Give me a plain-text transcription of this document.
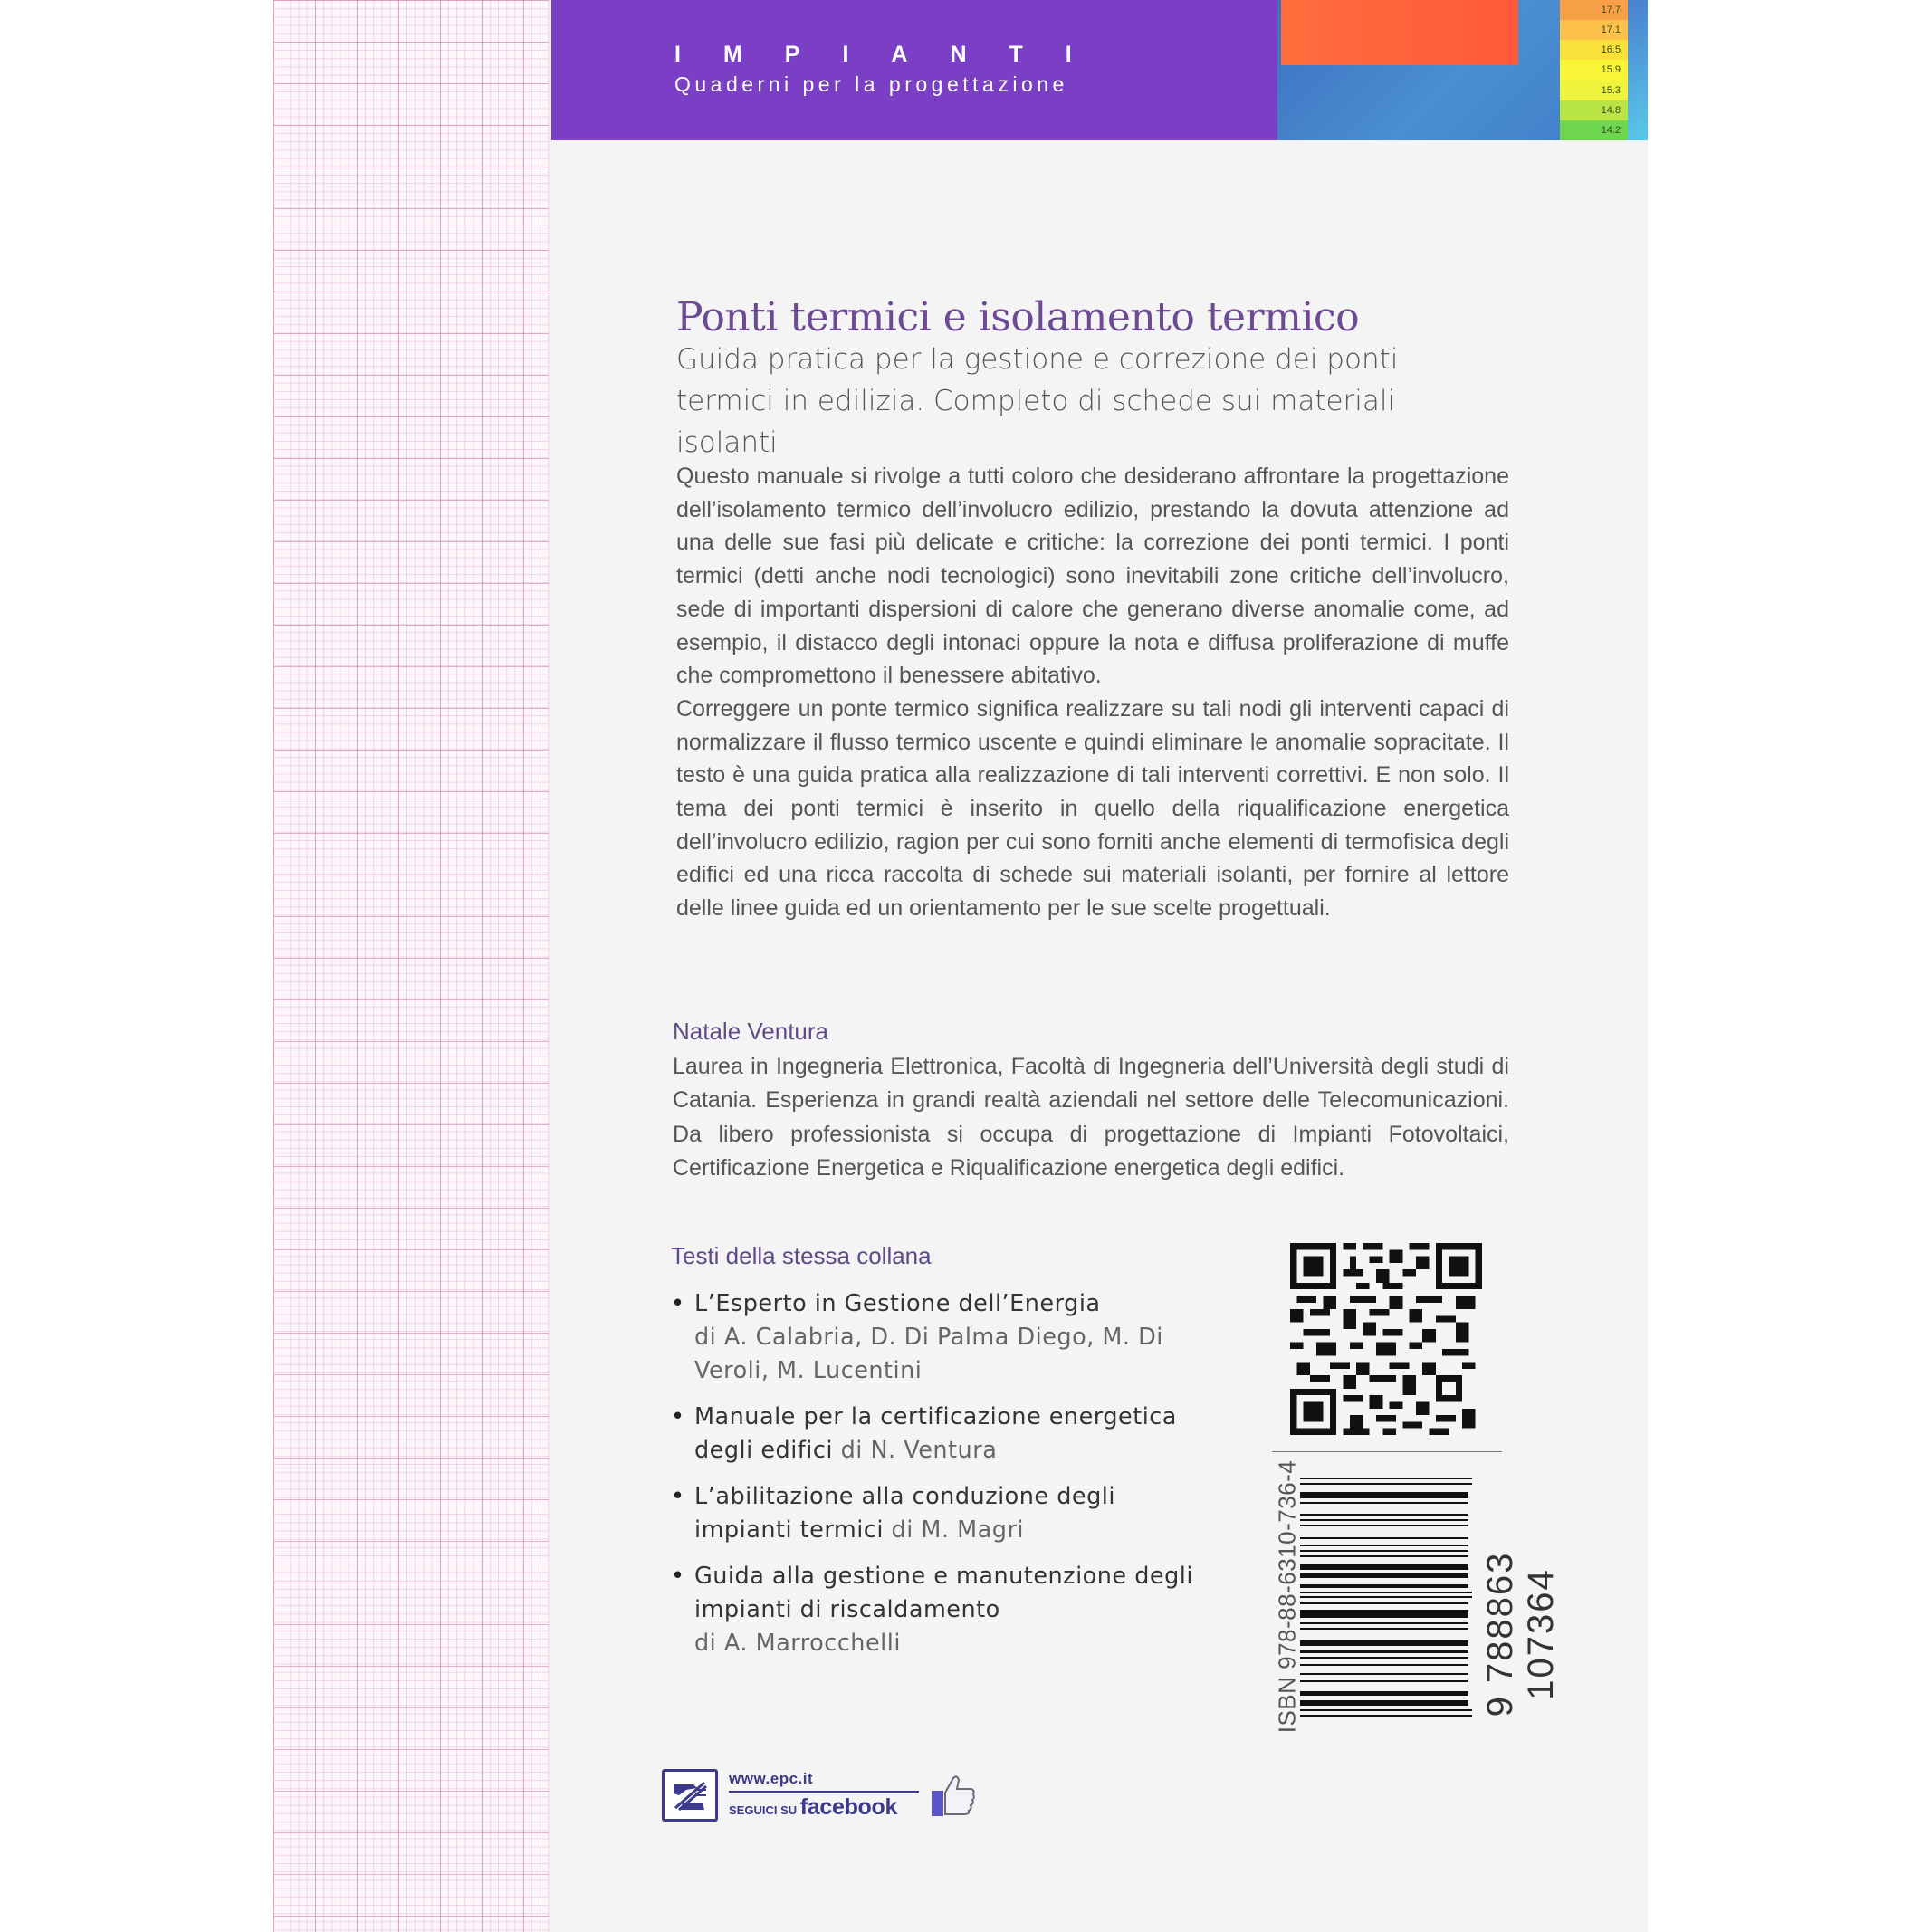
IMPIANTI
Quaderni per la progettazione
17.7
17.1
16.5
15.9
15.3
14.8
14.2
Ponti termici e isolamento termico
Guida pratica per la gestione e correzione dei ponti termici in edilizia. Completo di schede sui materiali isolanti

Questo manuale si rivolge a tutti coloro che desiderano affrontare la progettazione dell’isolamento termico dell’involucro edilizio, prestando la dovuta attenzione ad una delle sue fasi più delicate e critiche: la correzione dei ponti termici. I ponti termici (detti anche nodi tecnologici) sono inevitabili zone critiche dell’involucro, sede di importanti dispersioni di calore che generano diverse anomalie come, ad esempio, il distacco degli intonaci oppure la nota e diffusa proliferazione di muffe che compromettono il benessere abitativo.

Correggere un ponte termico significa realizzare su tali nodi gli interventi capaci di normalizzare il flusso termico uscente e quindi eliminare le anomalie sopracitate. Il testo è una guida pratica alla realizzazione di tali interventi correttivi. E non solo. Il tema dei ponti termici è inserito in quello della riqualificazione energetica dell’involucro edilizio, ragion per cui sono forniti anche elementi di termofisica degli edifici ed una ricca raccolta di schede sui materiali isolanti, per fornire al lettore delle linee guida ed un orientamento per le sue scelte progettuali.

Natale Ventura
Laurea in Ingegneria Elettronica, Facoltà di Ingegneria dell’Università degli studi di Catania. Esperienza in grandi realtà aziendali nel settore delle Telecomunicazioni. Da libero professionista si occupa di progettazione di Impianti Fotovoltaici, Certificazione Energetica e Riqualificazione energetica degli edifici.
Testi della stessa collana
• L’Esperto in Gestione dell’Energia
di A. Calabria, D. Di Palma Diego, M. Di Veroli, M. Lucentini
• Manuale per la certificazione energetica degli edifici di N. Ventura
• L’abilitazione alla conduzione degli impianti termici di M. Magri
• Guida alla gestione e manutenzione degli impianti di riscaldamento
di A. Marrocchelli	ISBN 978-88-6310-736-4	9 788863 107364
www.epc.it
SEGUICI SU facebook
